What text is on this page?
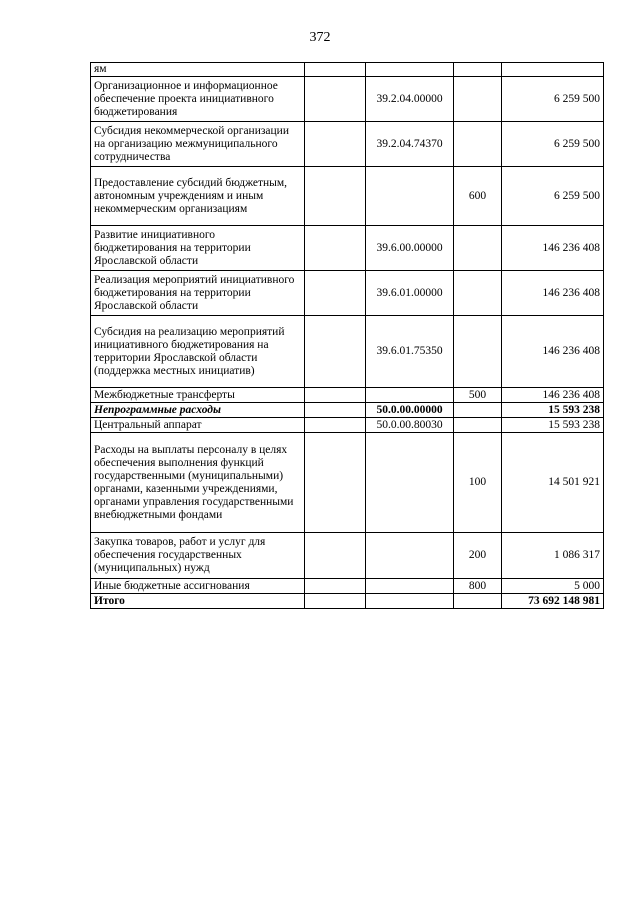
372
ям				
Организационное и информационное обеспечение проекта инициативного бюджетирования		39.2.04.00000		6 259 500
Субсидия некоммерческой организации на организацию межмуниципального сотрудничества		39.2.04.74370		6 259 500
Предоставление субсидий бюджетным, автономным учреждениям и иным некоммерческим организациям			600	6 259 500
Развитие инициативного бюджетирования на территории Ярославской области		39.6.00.00000		146 236 408
Реализация мероприятий инициативного бюджетирования на территории Ярославской области		39.6.01.00000		146 236 408
Субсидия на реализацию мероприятий инициативного бюджетирования на территории Ярославской области (поддержка местных инициатив)		39.6.01.75350		146 236 408
Межбюджетные трансферты			500	146 236 408
Непрограммные расходы		50.0.00.00000		15 593 238
Центральный аппарат		50.0.00.80030		15 593 238
Расходы на выплаты персоналу в целях обеспечения выполнения функций государственными (муниципальными) органами, казенными учреждениями, органами управления государственными внебюджетными фондами			100	14 501 921
Закупка товаров, работ и услуг для обеспечения государственных (муниципальных) нужд			200	1 086 317
Иные бюджетные ассигнования			800	5 000
Итого				73 692 148 981
